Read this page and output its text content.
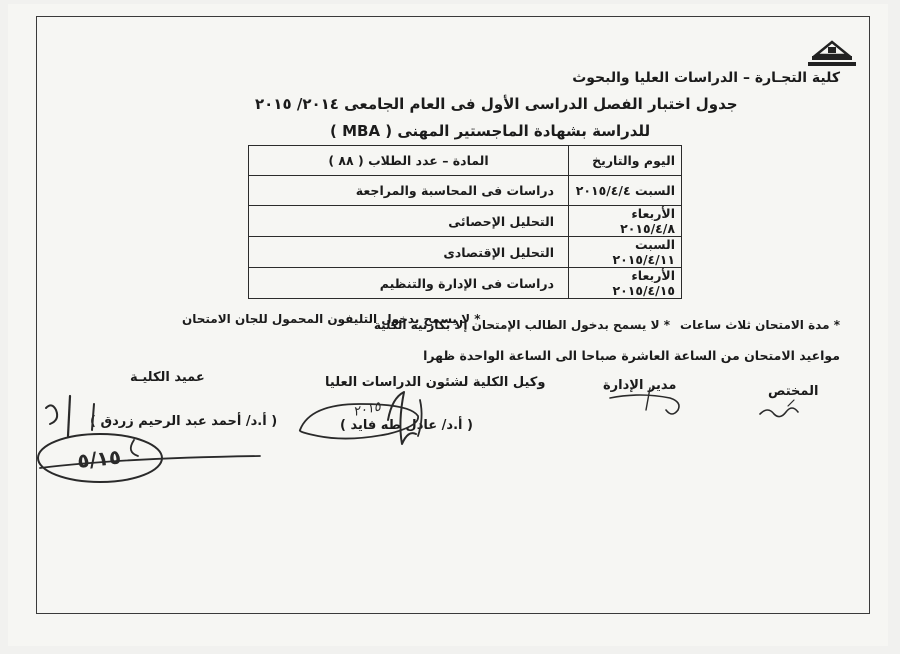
كلية التجـارة – الدراسات العليا والبحوث
جدول اختبار الفصل الدراسى الأول فى العام الجامعى ٢٠١٤/ ٢٠١٥
للدراسة بشهادة الماجستير المهنى ( MBA )
اليوم والتاريخ	المادة – عدد الطلاب ( ٨٨ )
السبت ٢٠١٥/٤/٤	دراسات فى المحاسبة والمراجعة
الأربعاء ٢٠١٥/٤/٨	التحليل الإحصائى
السبت ٢٠١٥/٤/١١	التحليل الإقتصادى
الأربعاء ٢٠١٥/٤/١٥	دراسات فى الإدارة والتنظيم
* مدة الامتحان ثلاث ساعات
* لا يسمح بدخول الطالب الإمتحان إلا بكارنيه الكلية
* لا يسمح بدخول التليفون المحمول للجان الامتحان
مواعيد الامتحان من الساعة العاشرة صباحا الى الساعة الواحدة ظهرا
المختص
مدير الإدارة
وكيل الكلية لشئون الدراسات العليا
عميد الكليـة
( أ.د/ عادل طه فايد )
( أ.د/ أحمد عبد الرحيم زردق )
٢٠١٥
٥/١٥
